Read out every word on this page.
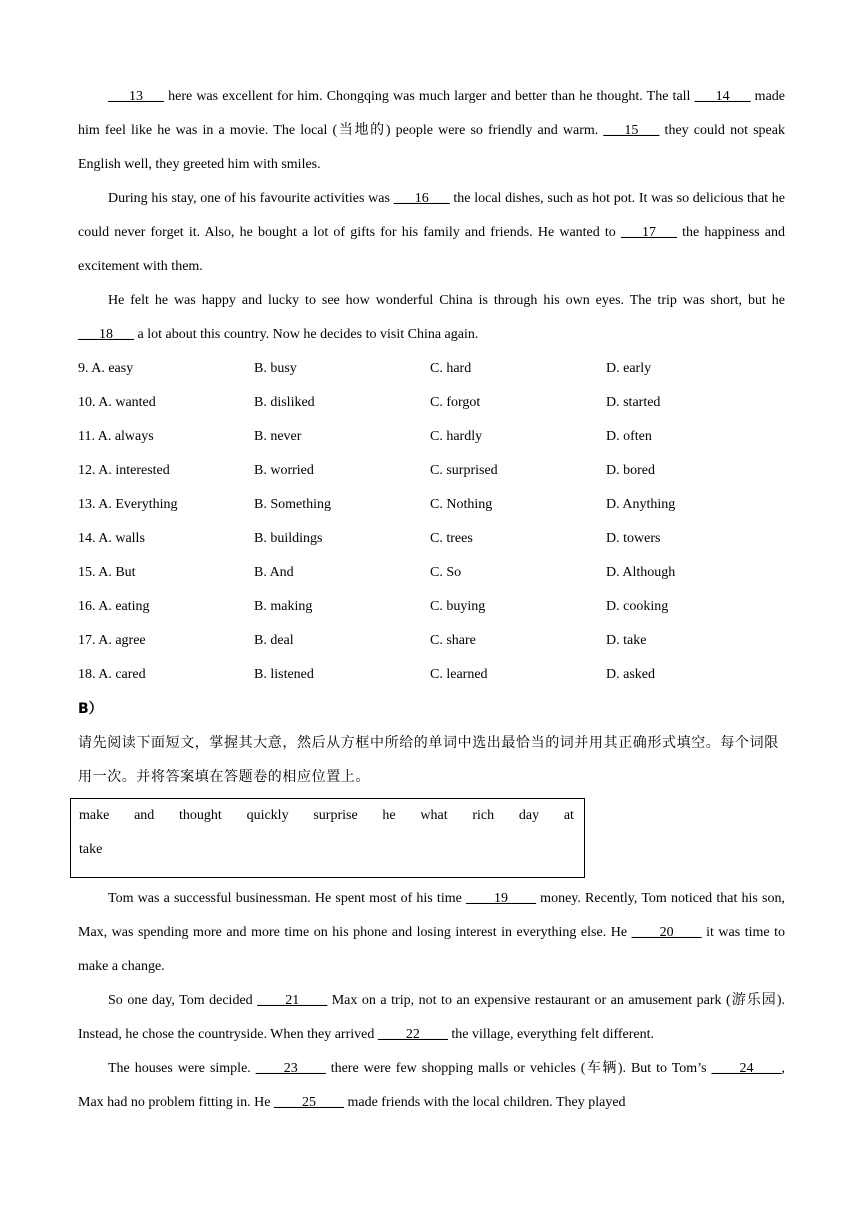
___13___ here was excellent for him. Chongqing was much larger and better than he thought. The tall ___14___ made him feel like he was in a movie. The local (当地的) people were so friendly and warm. ___15___ they could not speak English well, they greeted him with smiles.

During his stay, one of his favourite activities was ___16___ the local dishes, such as hot pot. It was so delicious that he could never forget it. Also, he bought a lot of gifts for his family and friends. He wanted to ___17___ the happiness and excitement with them.

He felt he was happy and lucky to see how wonderful China is through his own eyes. The trip was short, but he ___18___ a lot about this country. Now he decides to visit China again.

9. A. easy	B. busy	C. hard	D. early
10. A. wanted	B. disliked	C. forgot	D. started
11. A. always	B. never	C. hardly	D. often
12. A. interested	B. worried	C. surprised	D. bored
13. A. Everything	B. Something	C. Nothing	D. Anything
14. A. walls	B. buildings	C. trees	D. towers
15. A. But	B. And	C. So	D. Although
16. A. eating	B. making	C. buying	D. cooking
17. A. agree	B. deal	C. share	D. take
18. A. cared	B. listened	C. learned	D. asked
B）
请先阅读下面短文，掌握其大意，然后从方框中所给的单词中选出最恰当的词并用其正确形式填空。每个词限用一次。并将答案填在答题卷的相应位置上。
make and thought quickly surprise he what rich day at
take

Tom was a successful businessman. He spent most of his time ____19____ money. Recently, Tom noticed that his son, Max, was spending more and more time on his phone and losing interest in everything else. He ____20____ it was time to make a change.

So one day, Tom decided ____21____ Max on a trip, not to an expensive restaurant or an amusement park (游乐园). Instead, he chose the countryside. When they arrived ____22____ the village, everything felt different.

The houses were simple. ____23____ there were few shopping malls or vehicles (车辆). But to Tom’s ____24____, Max had no problem fitting in. He ____25____ made friends with the local children. They played
